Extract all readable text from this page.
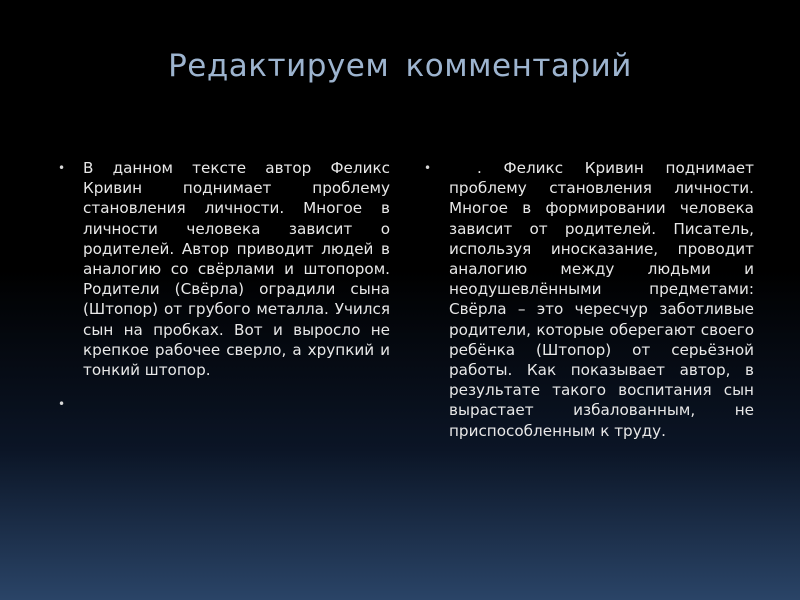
Редактируем комментарий
• В данном тексте автор Феликс Кривин поднимает проблему становления личности. Многое в личности человека зависит о родителей. Автор приводит людей в аналогию со свёрлами и штопором. Родители (Свёрла) оградили сына (Штопор) от грубого металла. Учился сын на пробках. Вот и выросло не крепкое рабочее сверло, а хрупкий и тонкий штопор.
•
•	. Феликс Кривин поднимает проблему становления личности. Многое в формировании человека зависит от родителей. Писатель, используя иносказание, проводит аналогию между людьми и неодушевлёнными предметами: Свёрла – это чересчур заботливые родители, которые оберегают своего ребёнка (Штопор) от серьёзной работы. Как показывает автор, в результате такого воспитания сын вырастает избалованным, не приспособленным к труду.
